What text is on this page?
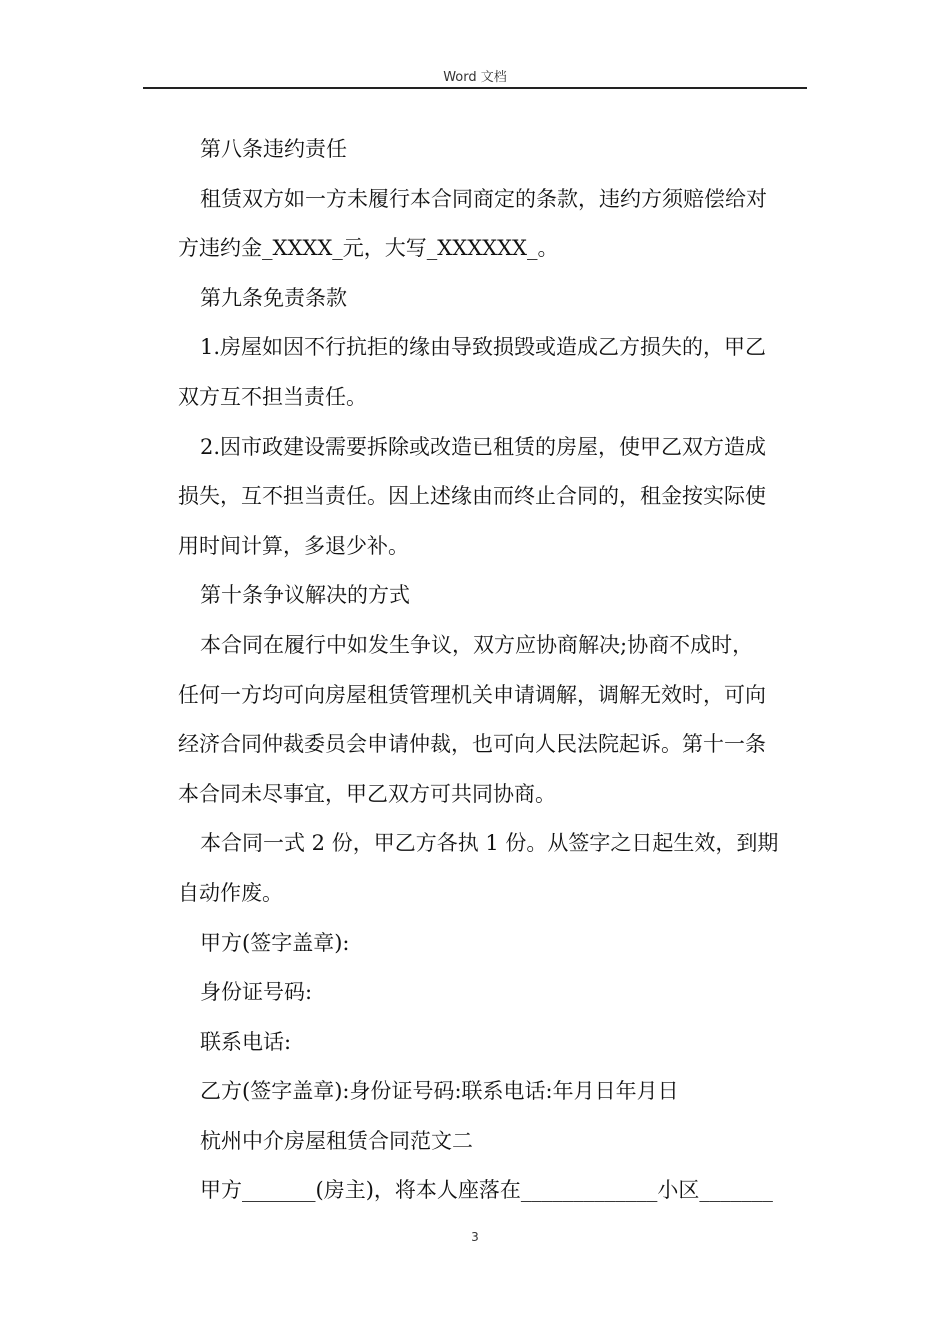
Word 文档
第八条违约责任
租赁双方如一方未履行本合同商定的条款，违约方须赔偿给对
方违约金_XXXX_元，大写_XXXXXX_。
第九条免责条款
1.房屋如因不行抗拒的缘由导致损毁或造成乙方损失的，甲乙
双方互不担当责任。
2.因市政建设需要拆除或改造已租赁的房屋，使甲乙双方造成
损失，互不担当责任。因上述缘由而终止合同的，租金按实际使
用时间计算，多退少补。
第十条争议解决的方式
本合同在履行中如发生争议，双方应协商解决;协商不成时，
任何一方均可向房屋租赁管理机关申请调解，调解无效时，可向
经济合同仲裁委员会申请仲裁，也可向人民法院起诉。第十一条
本合同未尽事宜，甲乙双方可共同协商。
本合同一式 2 份，甲乙方各执 1 份。从签字之日起生效，到期
自动作废。
甲方(签字盖章):
身份证号码:
联系电话:
乙方(签字盖章):身份证号码:联系电话:年月日年月日
杭州中介房屋租赁合同范文二
甲方_______(房主)，将本人座落在_____________小区_______
3
